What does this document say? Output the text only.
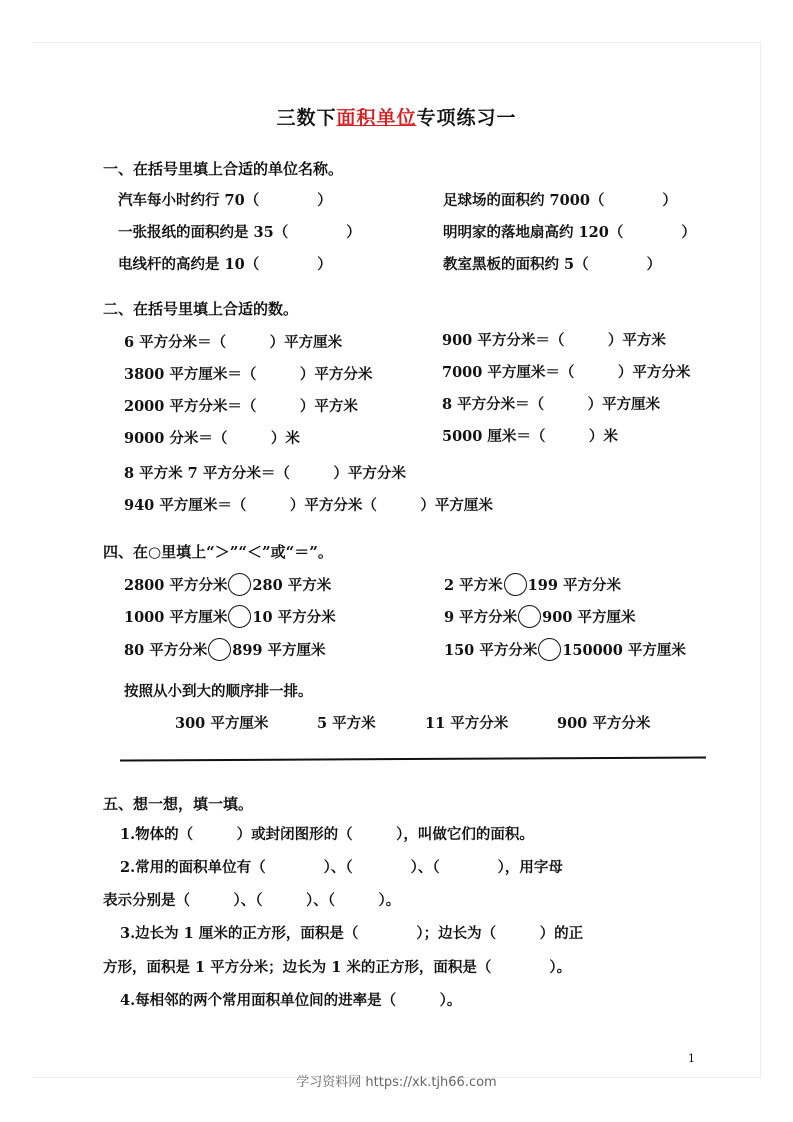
三数下面积单位专项练习一
一、在括号里填上合适的单位名称。
汽车每小时约行 70（　　　　）	足球场的面积约 7000（　　　　）
一张报纸的面积约是 35（　　　　）	明明家的落地扇高约 120（　　　　）
电线杆的高约是 10（　　　　）	教室黑板的面积约 5（　　　　）
二、在括号里填上合适的数。
6 平方分米＝（　　　）平方厘米	900 平方分米＝（　　　）平方米
3800 平方厘米＝（　　　）平方分米	7000 平方厘米＝（　　　）平方分米
2000 平方分米＝（　　　）平方米	8 平方分米＝（　　　）平方厘米
9000 分米＝（　　　）米	5000 厘米＝（　　　）米
8 平方米 7 平方分米＝（　　　）平方分米
940 平方厘米＝（　　　）平方分米（　　　）平方厘米
四、在○里填上“＞”“＜”或“＝”。
2800 平方分米 280 平方米	2 平方米 199 平方分米
1000 平方厘米 10 平方分米	9 平方分米 900 平方厘米
80 平方分米 899 平方厘米	150 平方分米 150000 平方厘米
按照从小到大的顺序排一排。
300 平方厘米	5 平方米	11 平方分米	900 平方分米
五、想一想，填一填。
1.物体的（　　　）或封闭图形的（　　　），叫做它们的面积。
2.常用的面积单位有（　　　　）、（　　　　）、（　　　　），用字母
表示分别是（　　　）、（　　　）、（　　　）。
3.边长为 1 厘米的正方形，面积是（　　　　）；边长为（　　　）的正
方形，面积是 1 平方分米；边长为 1 米的正方形，面积是（　　　　）。
4.每相邻的两个常用面积单位间的进率是（　　　）。
1
学习资料网 https://xk.tjh66.com
